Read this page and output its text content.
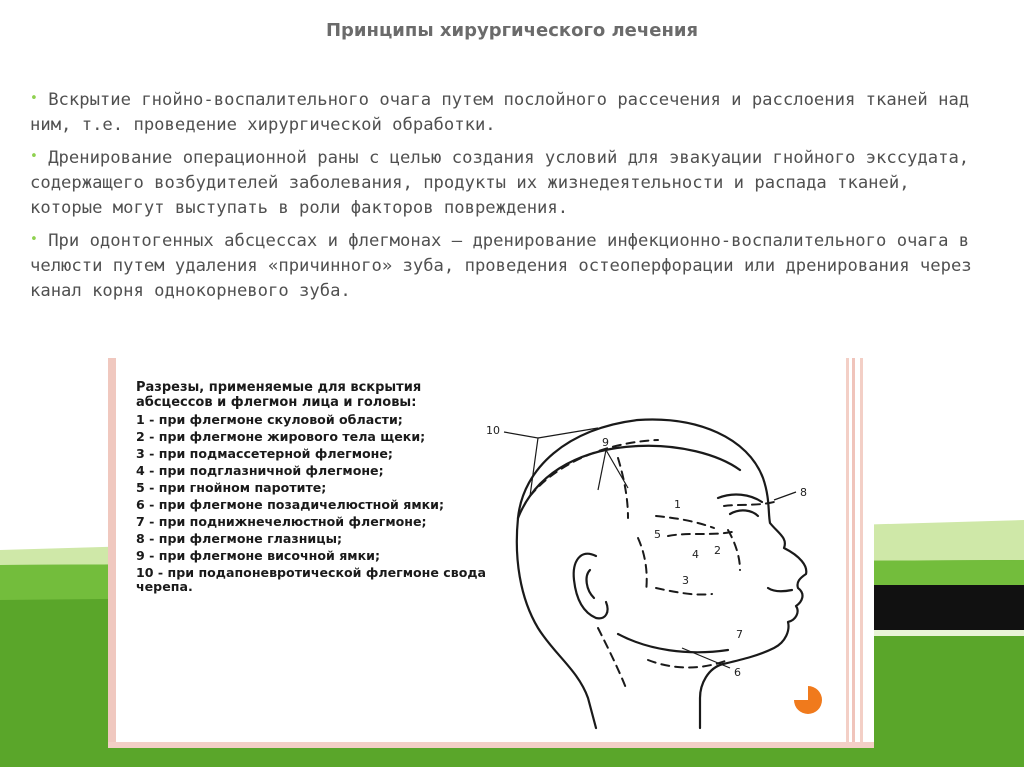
Принципы хирургического лечения
• Вскрытие гнойно-воспалительного очага путем послойного рассечения и расслоения тканей над ним, т.е. проведение хирургической обработки.
• Дренирование операционной раны с целью создания условий для эвакуации гнойного экссудата, содержащего возбудителей заболевания, продукты их жизнедеятельности и распада тканей, которые могут выступать в роли факторов повреждения.
• При одонтогенных абсцессах и флегмонах — дренирование инфекционно-воспалительного очага в челюсти путем удаления «причинного» зуба, проведения остеоперфорации или дренирования через канал корня однокорневого зуба.
Разрезы, применяемые для вскрытия абсцессов и флегмон лица и головы:
1 - при флегмоне скуловой области;
2 - при флегмоне жирового тела щеки;
3 - при подмассетерной флегмоне;
4 - при подглазничной флегмоне;
5 - при гнойном паротите;
6 - при флегмоне позадичелюстной ямки;
7 - при поднижнечелюстной флегмоне;
8 - при флегмоне глазницы;
9 - при флегмоне височной ямки;
10 - при подапоневротической флегмоне свода черепа.
10
9
8
1
2
5
4
3
7
6
